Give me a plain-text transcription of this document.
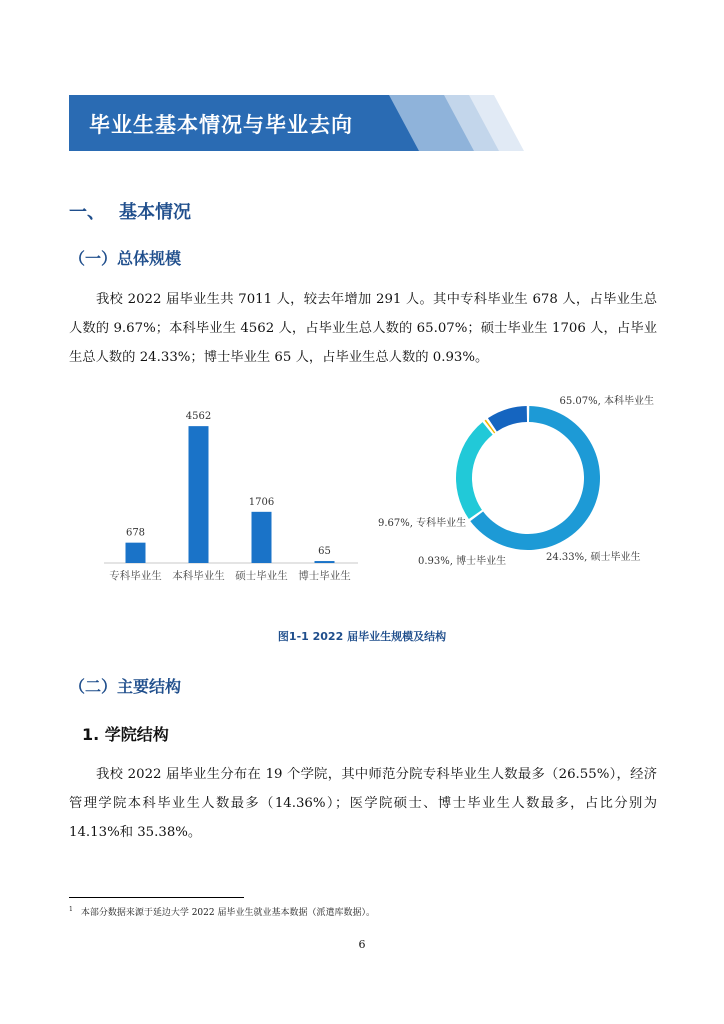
毕业生基本情况与毕业去向
一、 基本情况
（一）总体规模
我校 2022 届毕业生共 7011 人，较去年增加 291 人。其中专科毕业生 678 人，占毕业生总人数的 9.67%；本科毕业生 4562 人，占毕业生总人数的 65.07%；硕士毕业生 1706 人，占毕业生总人数的 24.33%；博士毕业生 65 人，占毕业生总人数的 0.93%。
678
专科毕业生
4562
本科毕业生
1706
硕士毕业生
65
博士毕业生
65.07%, 本科毕业生
24.33%, 硕士毕业生
0.93%, 博士毕业生
9.67%, 专科毕业生
图1-1 2022 届毕业生规模及结构
（二）主要结构
1. 学院结构
我校 2022 届毕业生分布在 19 个学院，其中师范分院专科毕业生人数最多（26.55%），经济管理学院本科毕业生人数最多（14.36%）；医学院硕士、博士毕业生人数最多，占比分别为 14.13%和 35.38%。
$^1$ 本部分数据来源于延边大学 2022 届毕业生就业基本数据（派遣库数据）。
6
